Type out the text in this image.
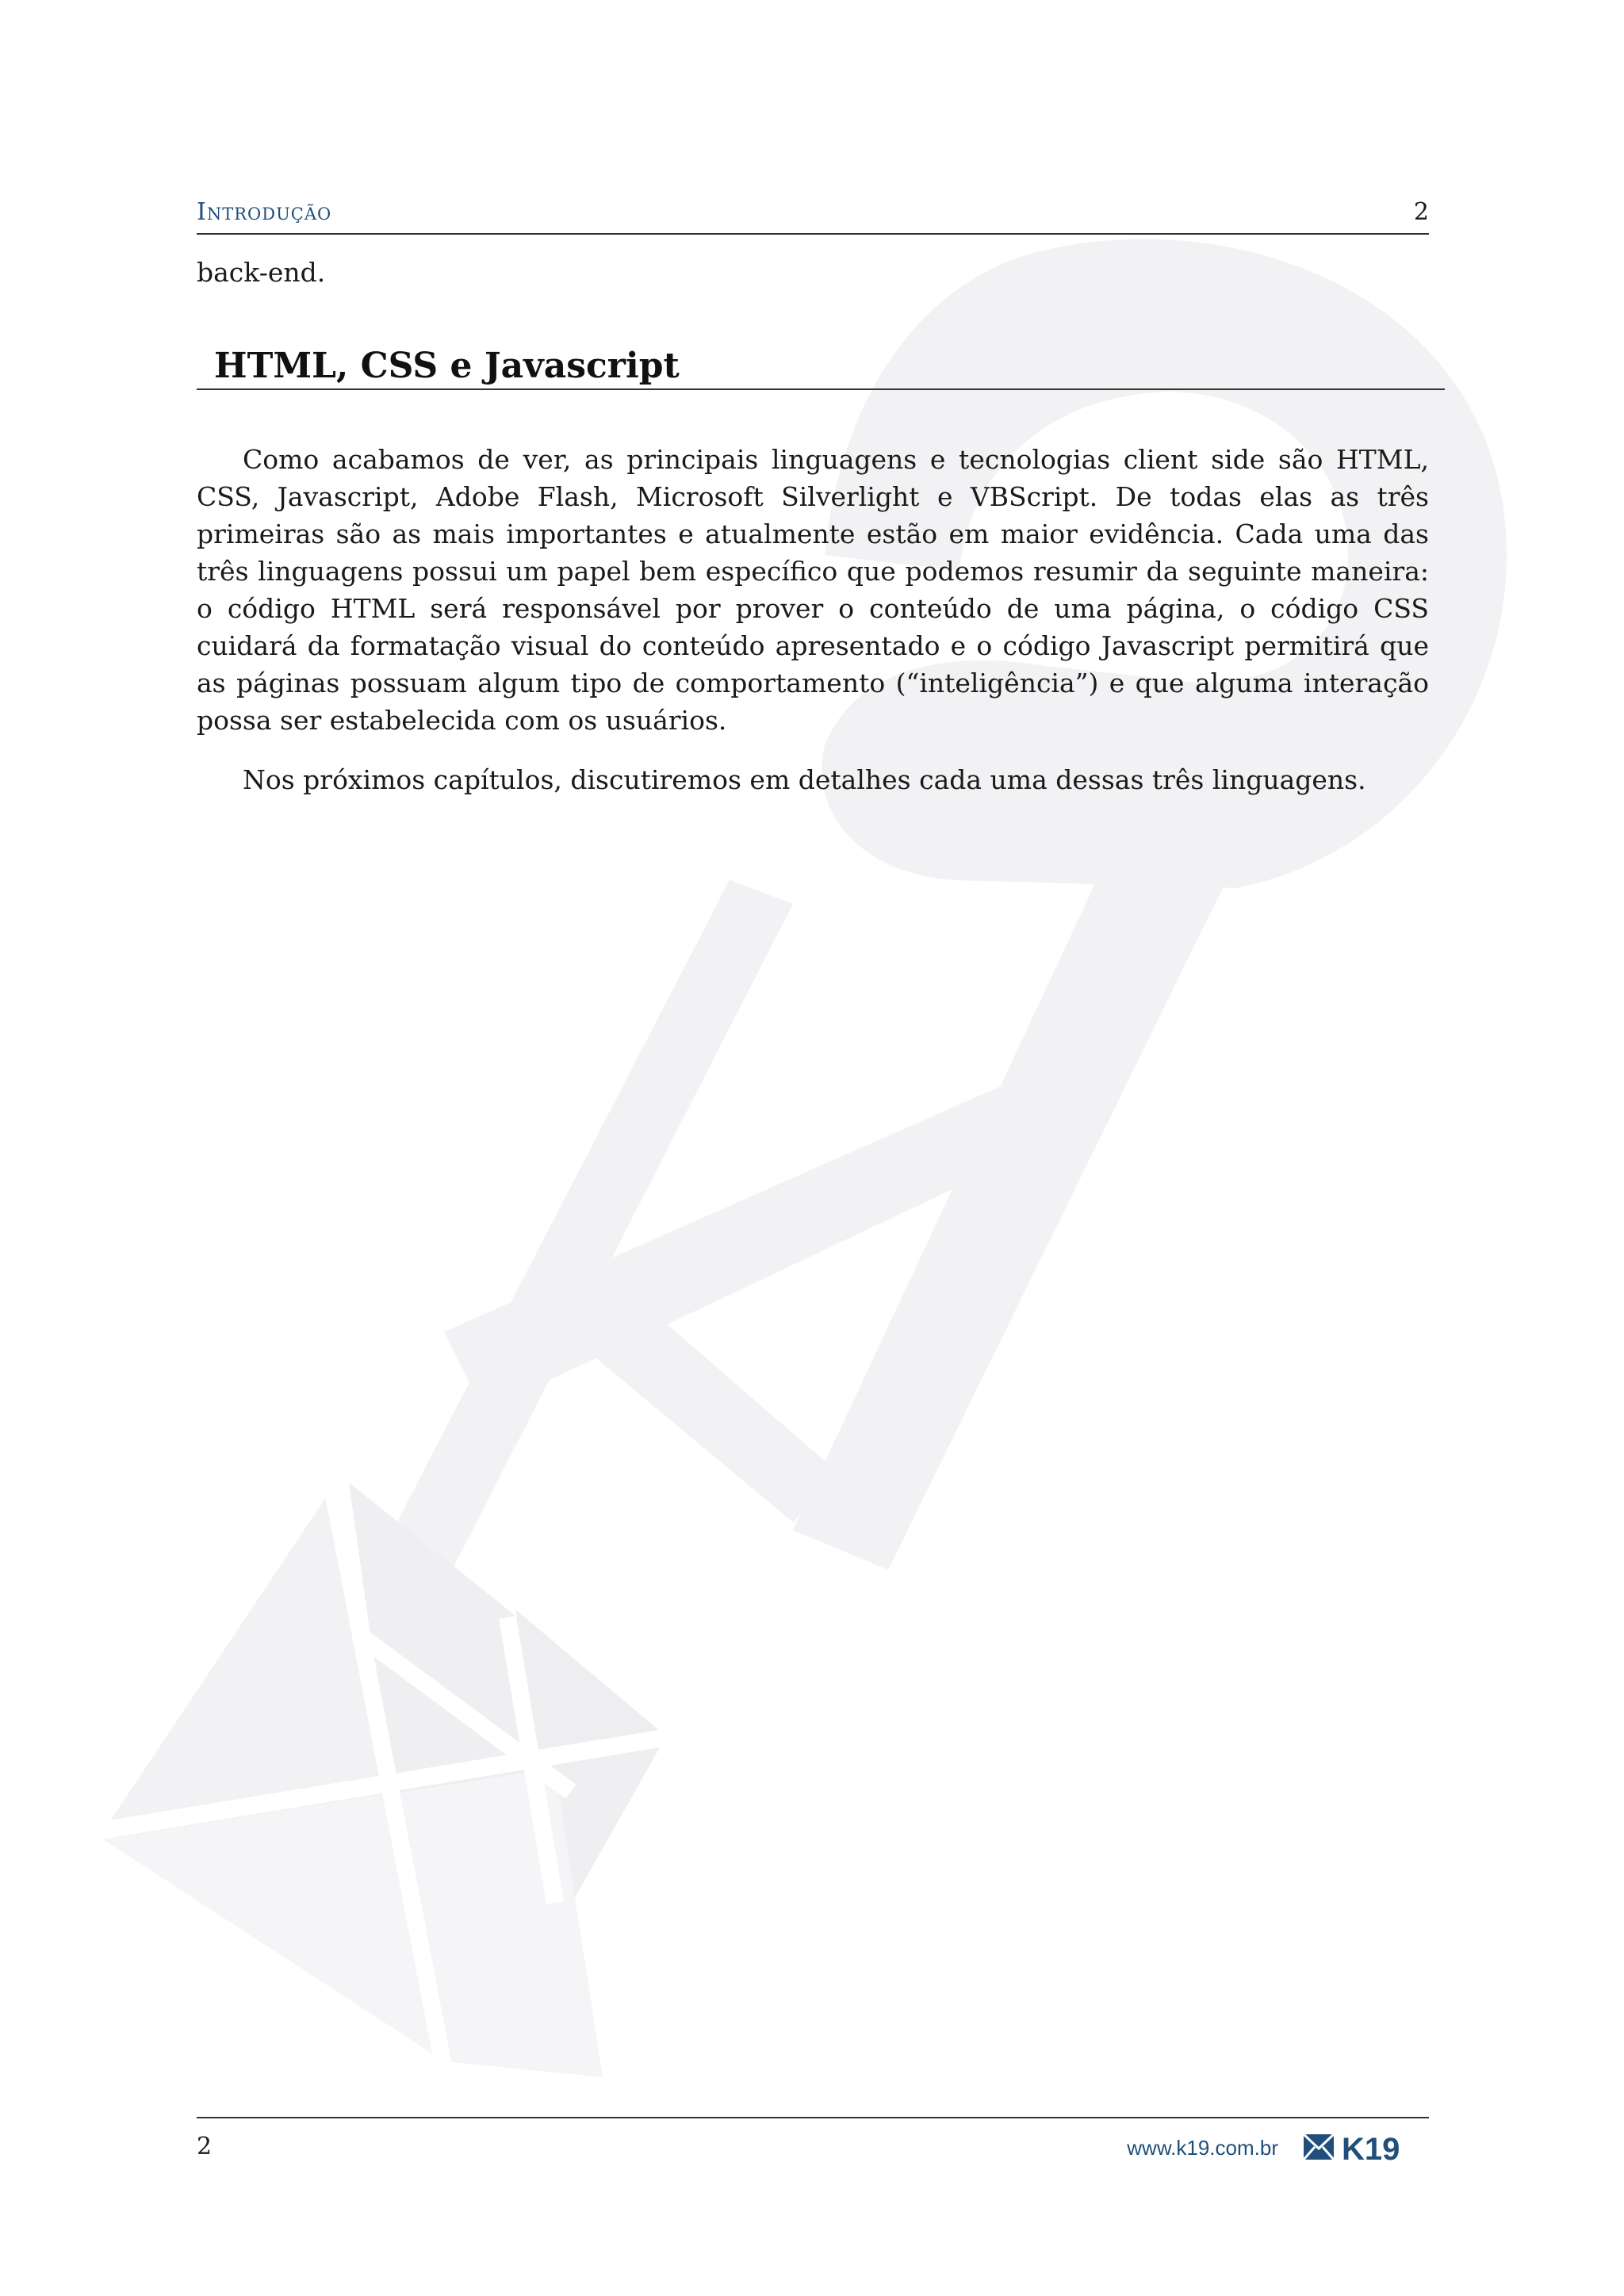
Introdução	2
back-end.
HTML, CSS e Javascript

Como acabamos de ver, as principais linguagens e tecnologias client side são HTML, CSS, Javascript, Adobe Flash, Microsoft Silverlight e VBScript. De todas elas as três primeiras são as mais importantes e atualmente estão em maior evidência. Cada uma das três linguagens possui um papel bem específico que podemos resumir da seguinte maneira: o código HTML será responsável por prover o conteúdo de uma página, o código CSS cuidará da formatação visual do conteúdo apresentado e o código Javascript permitirá que as páginas possuam algum tipo de comportamento (“inteligência”) e que alguma interação possa ser estabelecida com os usuários.

Nos próximos capítulos, discutiremos em detalhes cada uma dessas três linguagens.

2	www.k19.com.br K19
